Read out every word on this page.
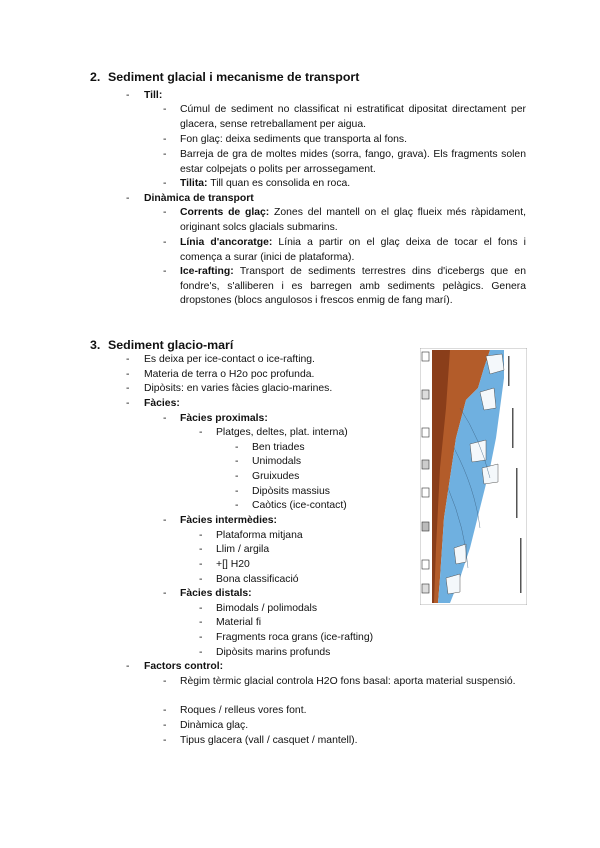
2. Sediment glacial i mecanisme de transport
- Till:
- Cúmul de sediment no classificat ni estratificat dipositat directament per glacera, sense retreballament per aigua.
- Fon glaç: deixa sediments que transporta al fons.
- Barreja de gra de moltes mides (sorra, fango, grava). Els fragments solen estar colpejats o polits per arrossegament.
- Tilita: Till quan es consolida en roca.
- Dinàmica de transport
- Corrents de glaç: Zones del mantell on el glaç flueix més ràpidament, originant solcs glacials submarins.
- Línia d'ancoratge: Línia a partir on el glaç deixa de tocar el fons i comença a surar (inici de plataforma).
- Ice-rafting: Transport de sediments terrestres dins d'icebergs que en fondre's, s'alliberen i es barregen amb sediments pelàgics. Genera dropstones (blocs angulosos i frescos enmig de fang marí).
3. Sediment glacio-marí
- Es deixa per ice-contact o ice-rafting.
- Materia de terra o H2o poc profunda.
- Dipòsits: en varies fàcies glacio-marines.
- Fàcies:
- Fàcies proximals:
- Platges, deltes, plat. interna)
- Ben triades
- Unimodals
- Gruixudes
- Dipòsits massius
- Caòtics (ice-contact)
- Fàcies intermèdies:
- Plataforma mitjana
- Llim / argila
- +[] H20
- Bona classificació
- Fàcies distals:
- Bimodals / polimodals
- Material fi
- Fragments roca grans (ice-rafting)
- Dipòsits marins profunds
- Factors control:
- Règim tèrmic glacial controla H2O fons basal: aporta material suspensió.
- Roques / relleus vores font.
- Dinàmica glaç.
- Tipus glacera (vall / casquet / mantell).
